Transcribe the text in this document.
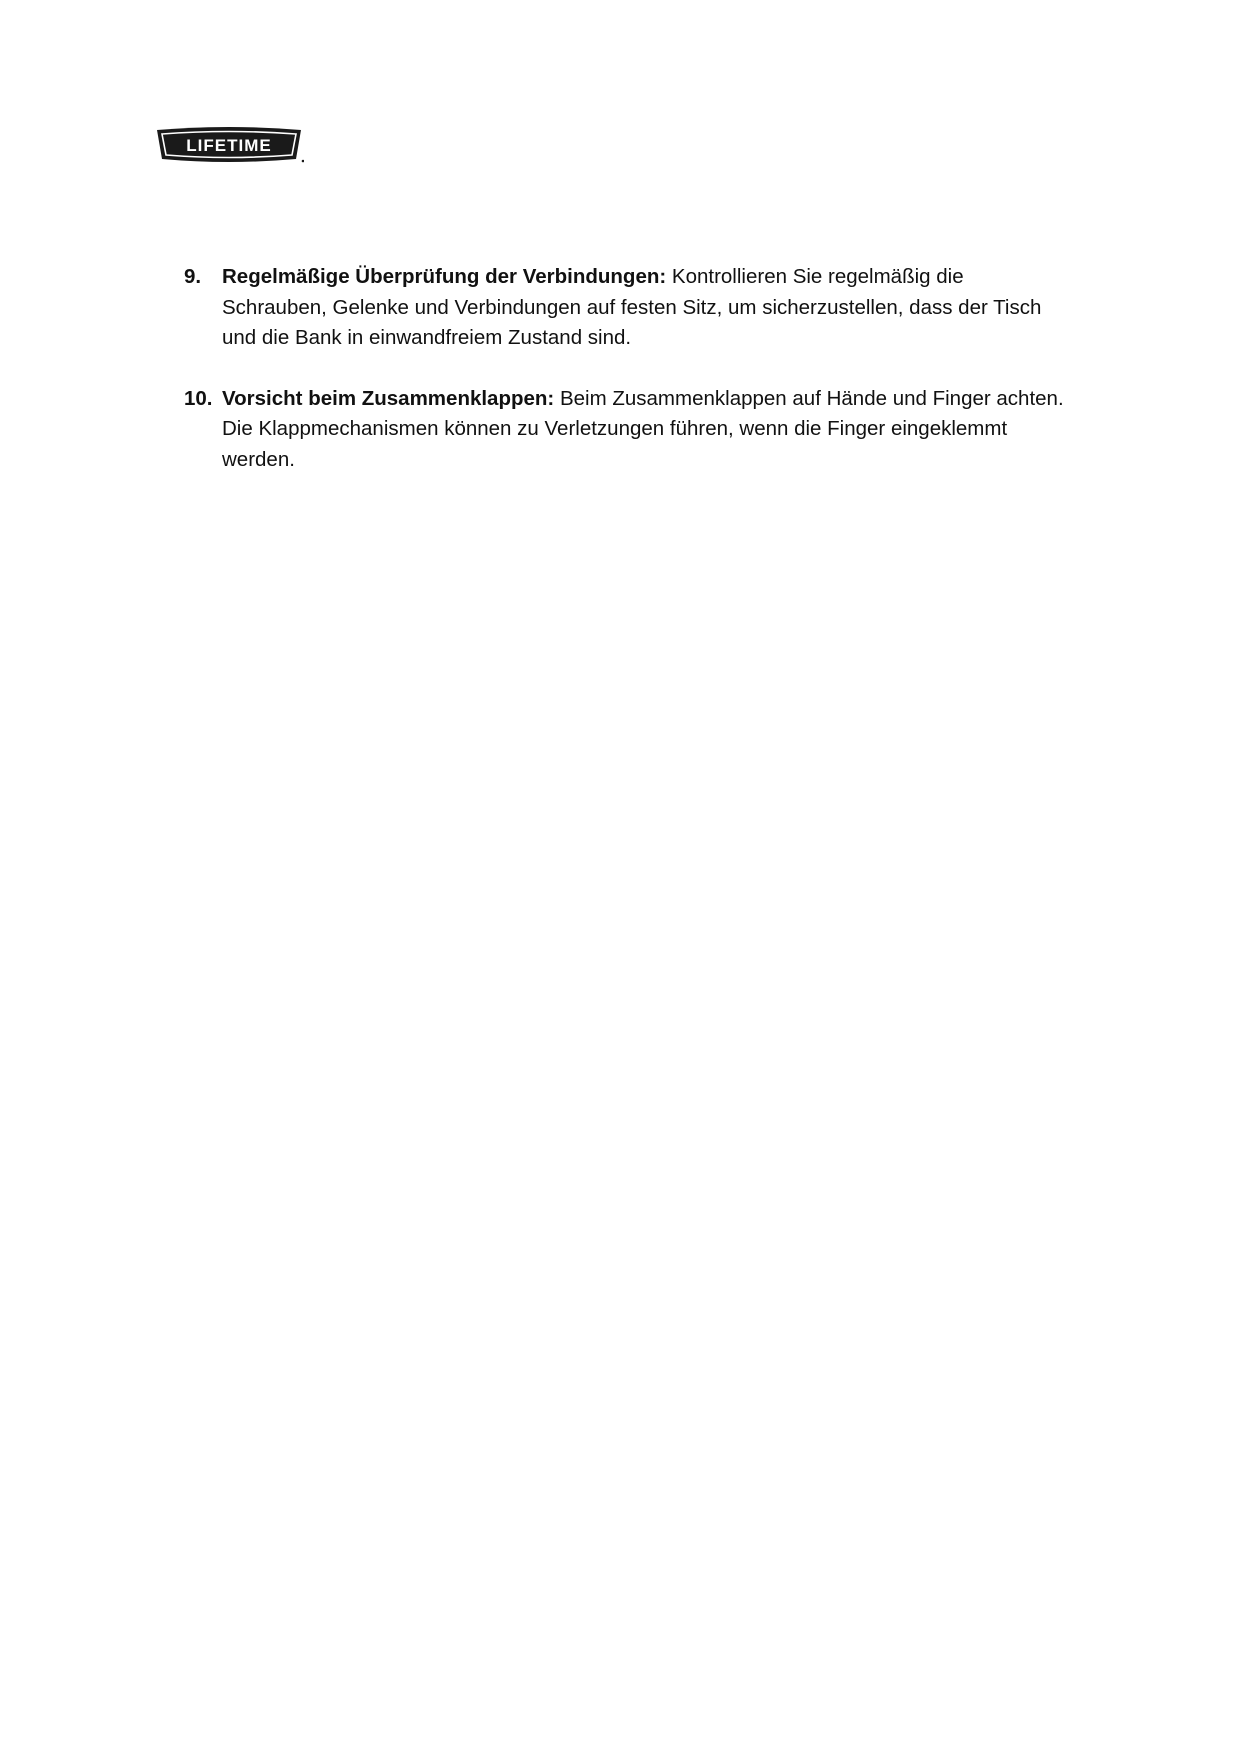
LIFETIME
9. Regelmäßige Überprüfung der Verbindungen: Kontrollieren Sie regelmäßig die Schrauben, Gelenke und Verbindungen auf festen Sitz, um sicherzustellen, dass der Tisch und die Bank in einwandfreiem Zustand sind.
10. Vorsicht beim Zusammenklappen: Beim Zusammenklappen auf Hände und Finger achten. Die Klappmechanismen können zu Verletzungen führen, wenn die Finger eingeklemmt werden.
